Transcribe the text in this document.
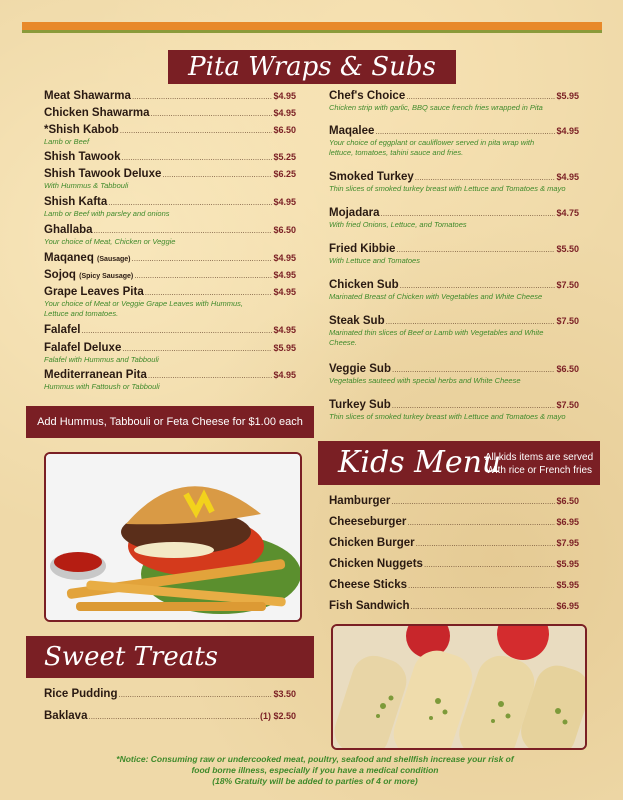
Pita Wraps & Subs
Meat Shawarma .....	$4.95
Chicken Shawarma .....	$4.95
*Shish Kabob .....	$6.50
Lamb or Beef
Shish Tawook .....	$5.25
Shish Tawook Deluxe .....	$6.25
With Hummus & Tabbouli
Shish Kafta .....	$4.95
Lamb or Beef with parsley and onions
Ghallaba .....	$6.50
Your choice of Meat, Chicken or Veggie
Maqaneq (Sausage) .....	$4.95
Sojoq (Spicy Sausage) .....	$4.95
Grape Leaves Pita .....	$4.95
Your choice of Meat or Veggie Grape Leaves with Hummus, Lettuce and tomatoes.
Falafel .....	$4.95
Falafel Deluxe .....	$5.95
Falafel with Hummus and Tabbouli
Mediterranean Pita .....	$4.95
Hummus with Fattoush or Tabbouli
Add Hummus, Tabbouli or Feta Cheese for $1.00 each
Chef's Choice .....	$5.95
Chicken strip with garlic, BBQ sauce french fries wrapped in Pita
Maqalee .....	$4.95
Your choice of eggplant or cauliflower served in pita wrap with lettuce, tomatoes, tahini sauce and fries.
Smoked Turkey .....	$4.95
Thin slices of smoked turkey breast with Lettuce and Tomatoes & mayo
Mojadara .....	$4.75
With fried Onions, Lettuce, and Tomatoes
Fried Kibbie .....	$5.50
With Lettuce and Tomatoes
Chicken Sub .....	$7.50
Marinated Breast of Chicken with Vegetables and White Cheese
Steak Sub .....	$7.50
Marinated thin slices of Beef or Lamb with Vegetables and White Cheese.
Veggie Sub .....	$6.50
Vegetables sauteed with special herbs and White Cheese
Turkey Sub .....	$7.50
Thin slices of smoked turkey breast with Lettuce and Tomatoes & mayo
Kids Menu
All kids items are served
With rice or French fries
Hamburger .....	$6.50
Cheeseburger .....	$6.95
Chicken Burger .....	$7.95
Chicken Nuggets .....	$5.95
Cheese Sticks .....	$5.95
Fish Sandwich .....	$6.95
Sweet Treats
Rice Pudding .....	$3.50
Baklava .....	(1) $2.50
*Notice: Consuming raw or undercooked meat, poultry, seafood and shellfish increase your risk of
food borne illness, especially if you have a medical condition
(18% Gratuity will be added to parties of 4 or more)
